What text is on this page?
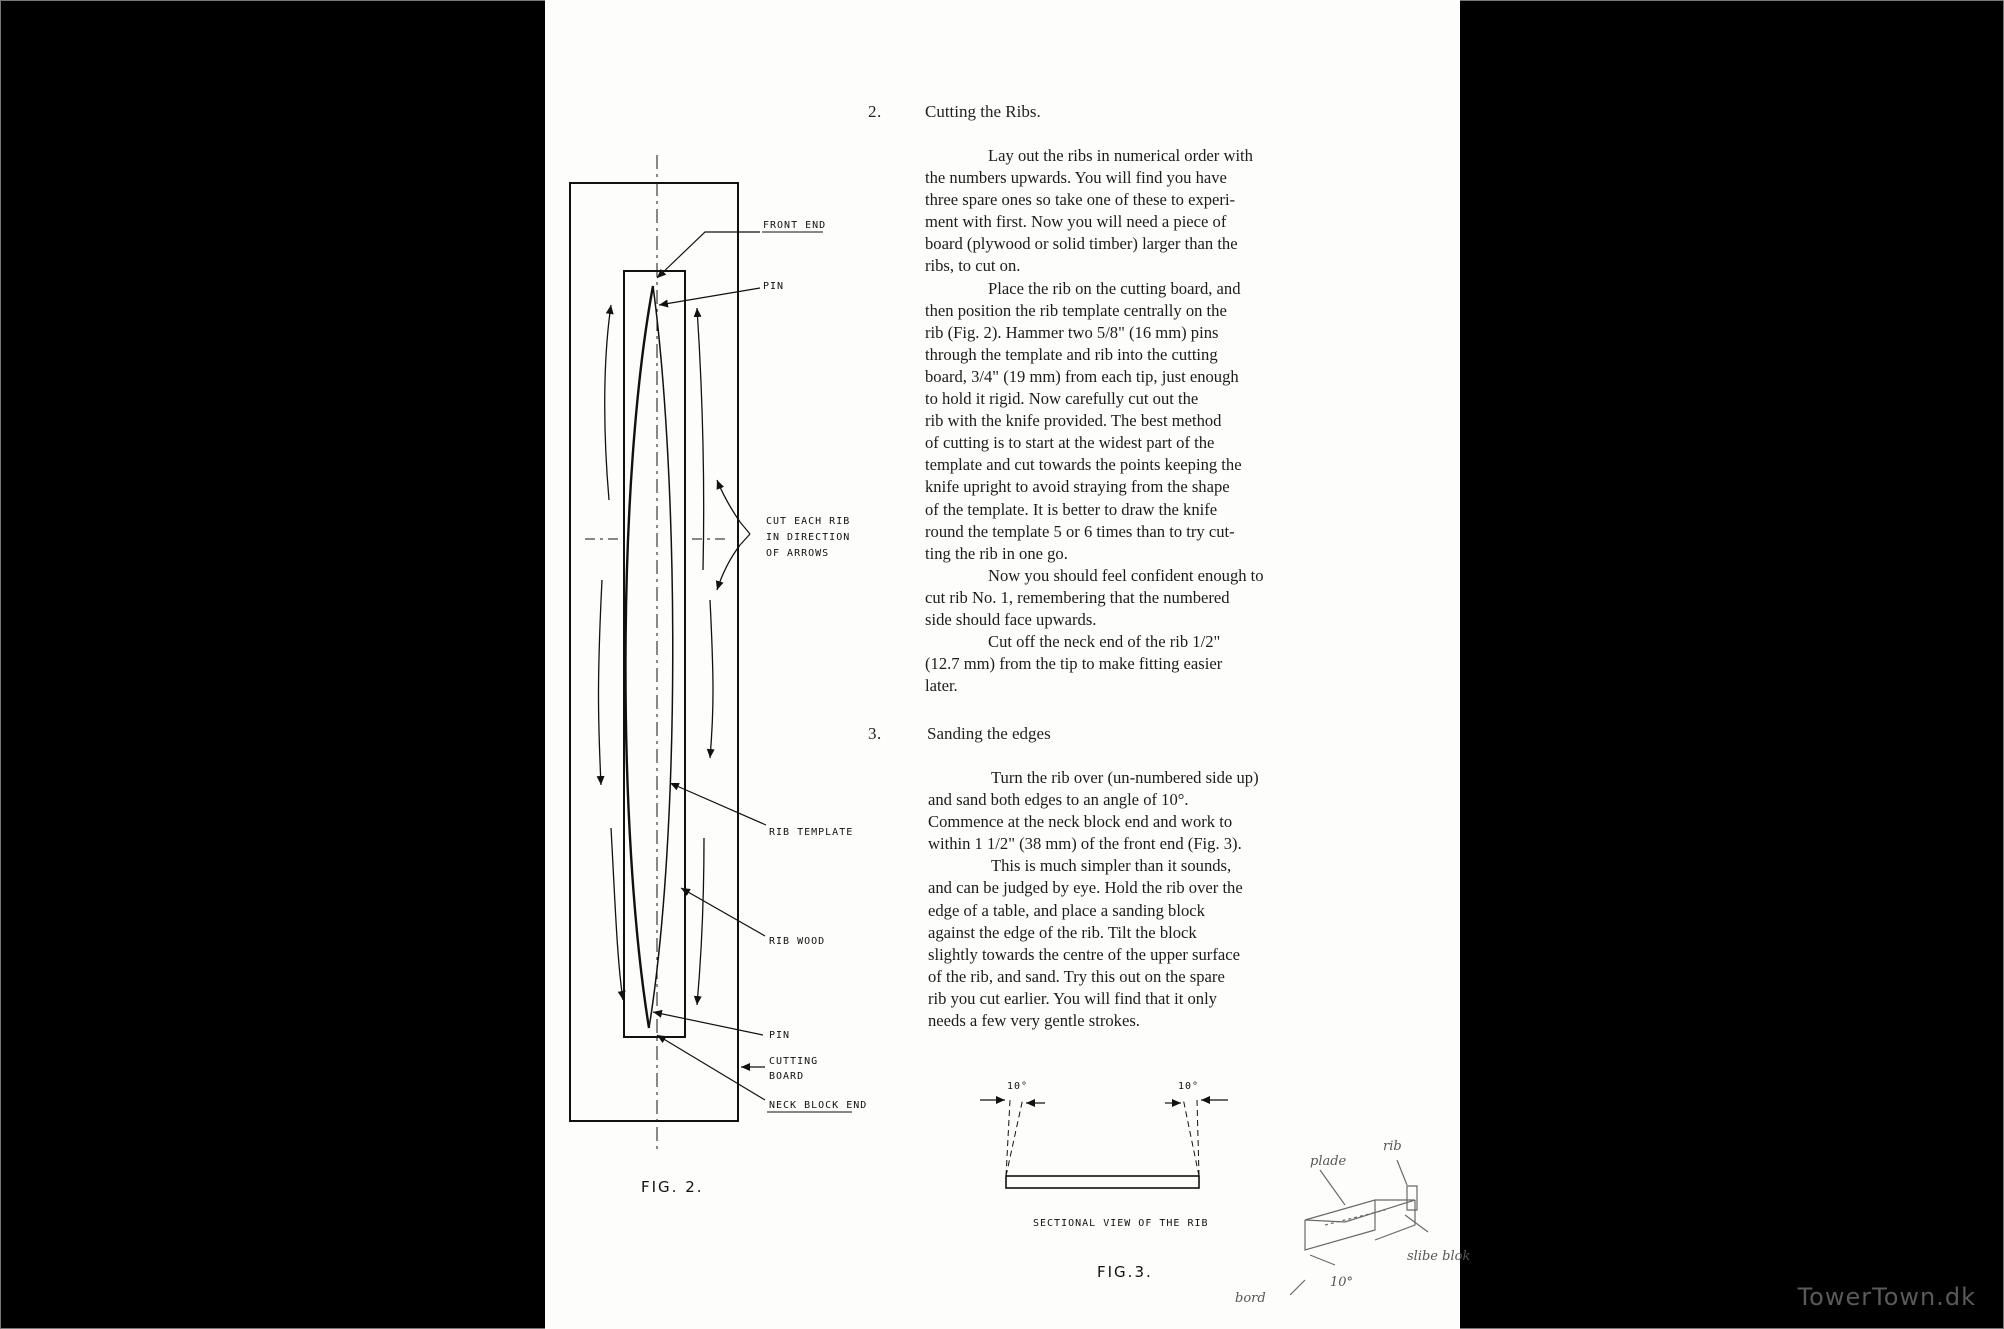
FRONT END
PIN
CUT EACH RIB
IN DIRECTION
OF ARROWS
RIB TEMPLATE
RIB WOOD
PIN
CUTTING
BOARD
NECK BLOCK END
FIG. 2.
10°	10°
SECTIONAL VIEW OF THE RIB
FIG.3.
plade
rib
slibe blok
10°
bord
2.	Cutting the Ribs.
Lay out the ribs in numerical order with
the numbers upwards. You will find you have
three spare ones so take one of these to experi-
ment with first. Now you will need a piece of
board (plywood or solid timber) larger than the
ribs, to cut on.
Place the rib on the cutting board, and
then position the rib template centrally on the
rib (Fig. 2). Hammer two 5/8" (16 mm) pins
through the template and rib into the cutting
board, 3/4" (19 mm) from each tip, just enough
to hold it rigid. Now carefully cut out the
rib with the knife provided. The best method
of cutting is to start at the widest part of the
template and cut towards the points keeping the
knife upright to avoid straying from the shape
of the template. It is better to draw the knife
round the template 5 or 6 times than to try cut-
ting the rib in one go.
Now you should feel confident enough to
cut rib No. 1, remembering that the numbered
side should face upwards.
Cut off the neck end of the rib 1/2"
(12.7 mm) from the tip to make fitting easier
later.
3.	Sanding the edges
Turn the rib over (un-numbered side up)
and sand both edges to an angle of 10°.
Commence at the neck block end and work to
within 1 1/2" (38 mm) of the front end (Fig. 3).
This is much simpler than it sounds,
and can be judged by eye. Hold the rib over the
edge of a table, and place a sanding block
against the edge of the rib. Tilt the block
slightly towards the centre of the upper surface
of the rib, and sand. Try this out on the spare
rib you cut earlier. You will find that it only
needs a few very gentle strokes.
TowerTown.dk
